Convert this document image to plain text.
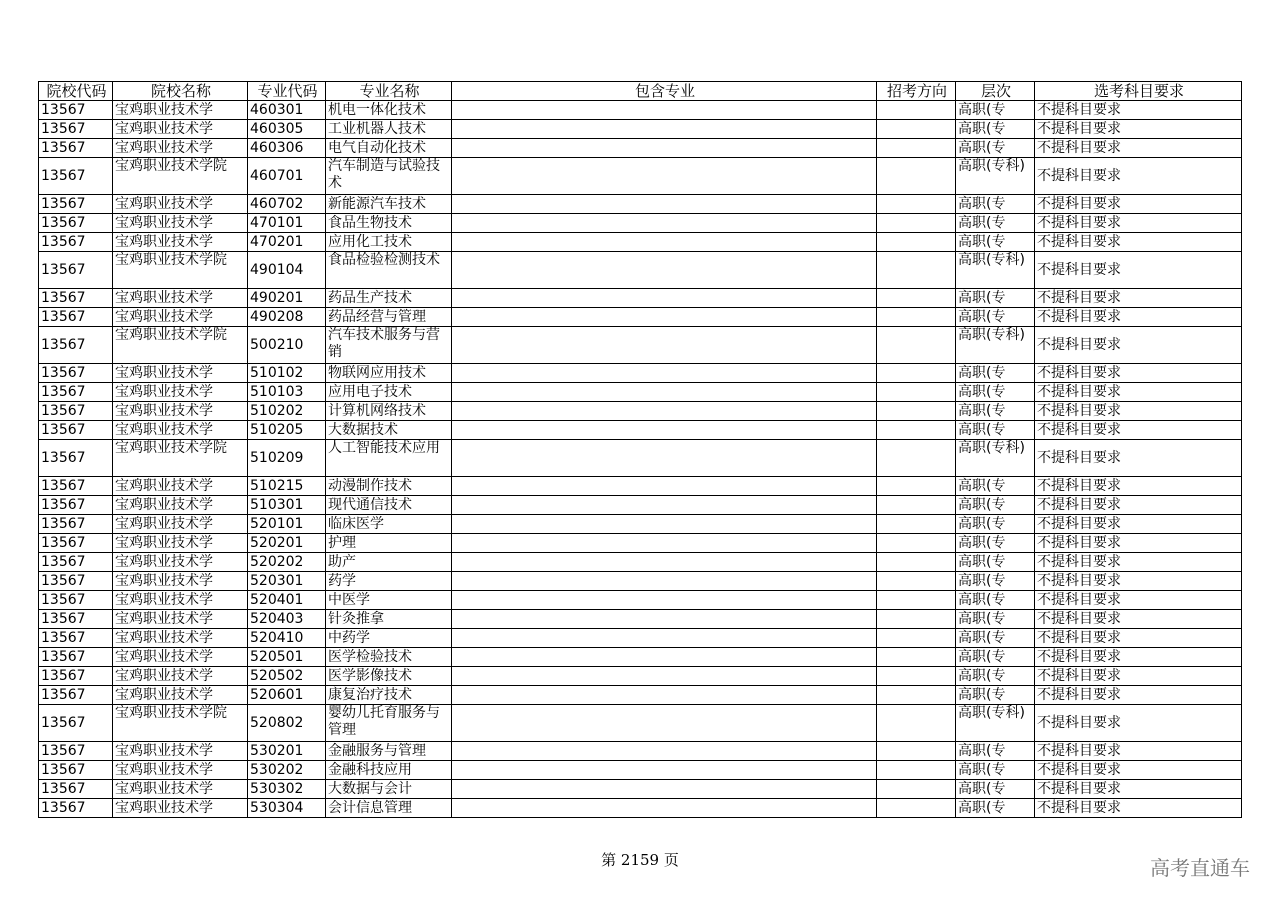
院校代码	院校名称	专业代码	专业名称	包含专业	招考方向	层次	选考科目要求
13567	宝鸡职业技术学	460301	机电一体化技术			高职(专	不提科目要求
13567	宝鸡职业技术学	460305	工业机器人技术			高职(专	不提科目要求
13567	宝鸡职业技术学	460306	电气自动化技术			高职(专	不提科目要求
13567	宝鸡职业技术学院	460701	汽车制造与试验技术			高职(专科)	不提科目要求
13567	宝鸡职业技术学	460702	新能源汽车技术			高职(专	不提科目要求
13567	宝鸡职业技术学	470101	食品生物技术			高职(专	不提科目要求
13567	宝鸡职业技术学	470201	应用化工技术			高职(专	不提科目要求
13567	宝鸡职业技术学院	490104	食品检验检测技术			高职(专科)	不提科目要求
13567	宝鸡职业技术学	490201	药品生产技术			高职(专	不提科目要求
13567	宝鸡职业技术学	490208	药品经营与管理			高职(专	不提科目要求
13567	宝鸡职业技术学院	500210	汽车技术服务与营销			高职(专科)	不提科目要求
13567	宝鸡职业技术学	510102	物联网应用技术			高职(专	不提科目要求
13567	宝鸡职业技术学	510103	应用电子技术			高职(专	不提科目要求
13567	宝鸡职业技术学	510202	计算机网络技术			高职(专	不提科目要求
13567	宝鸡职业技术学	510205	大数据技术			高职(专	不提科目要求
13567	宝鸡职业技术学院	510209	人工智能技术应用			高职(专科)	不提科目要求
13567	宝鸡职业技术学	510215	动漫制作技术			高职(专	不提科目要求
13567	宝鸡职业技术学	510301	现代通信技术			高职(专	不提科目要求
13567	宝鸡职业技术学	520101	临床医学			高职(专	不提科目要求
13567	宝鸡职业技术学	520201	护理			高职(专	不提科目要求
13567	宝鸡职业技术学	520202	助产			高职(专	不提科目要求
13567	宝鸡职业技术学	520301	药学			高职(专	不提科目要求
13567	宝鸡职业技术学	520401	中医学			高职(专	不提科目要求
13567	宝鸡职业技术学	520403	针灸推拿			高职(专	不提科目要求
13567	宝鸡职业技术学	520410	中药学			高职(专	不提科目要求
13567	宝鸡职业技术学	520501	医学检验技术			高职(专	不提科目要求
13567	宝鸡职业技术学	520502	医学影像技术			高职(专	不提科目要求
13567	宝鸡职业技术学	520601	康复治疗技术			高职(专	不提科目要求
13567	宝鸡职业技术学院	520802	婴幼儿托育服务与管理			高职(专科)	不提科目要求
13567	宝鸡职业技术学	530201	金融服务与管理			高职(专	不提科目要求
13567	宝鸡职业技术学	530202	金融科技应用			高职(专	不提科目要求
13567	宝鸡职业技术学	530302	大数据与会计			高职(专	不提科目要求
13567	宝鸡职业技术学	530304	会计信息管理			高职(专	不提科目要求
第 2159 页	高考直通车
